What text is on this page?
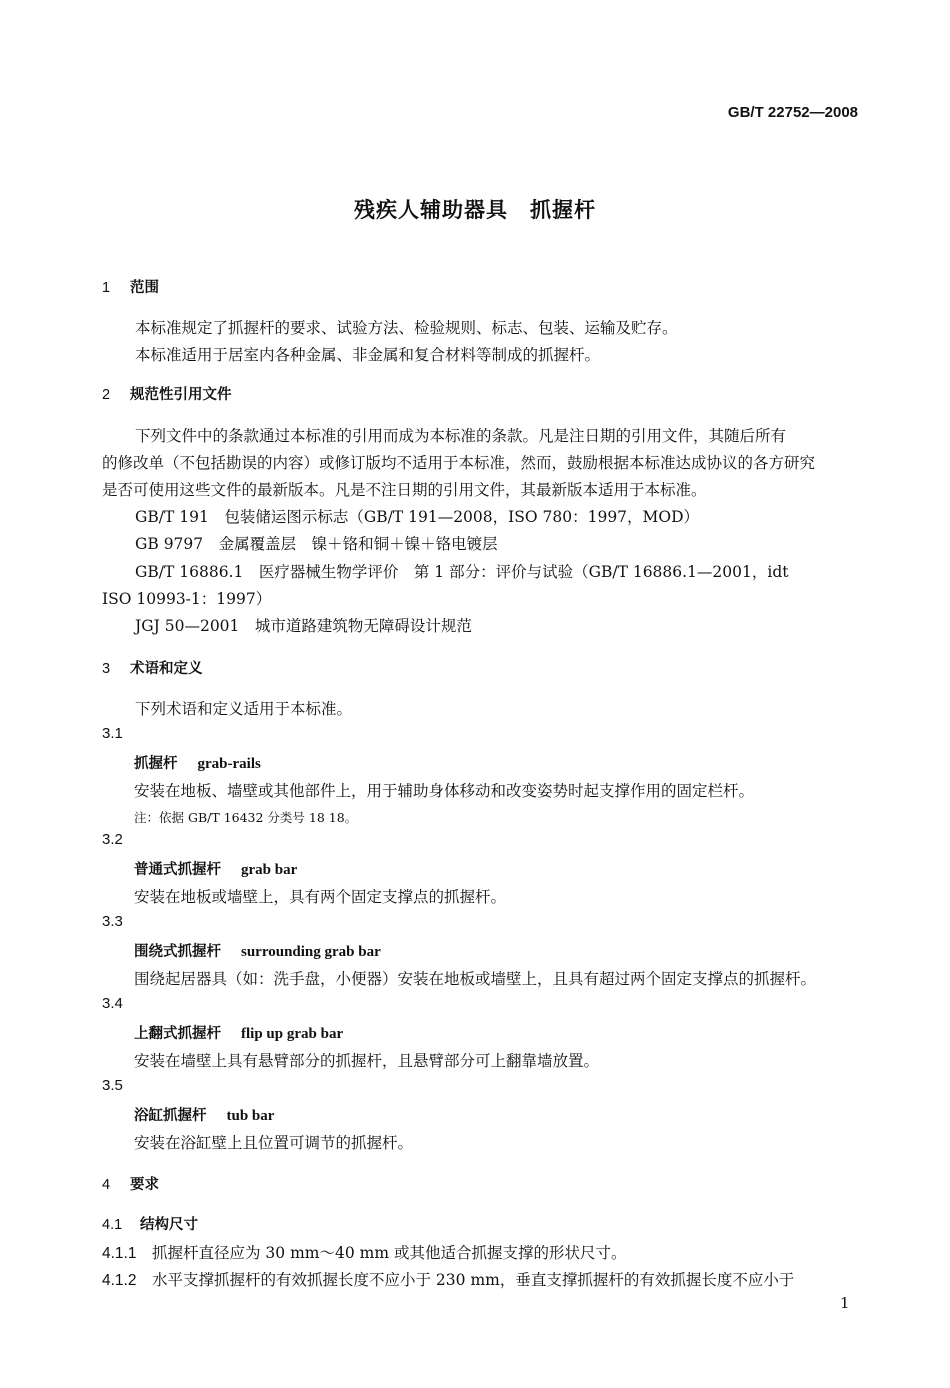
GB/T 22752—2008
残疾人辅助器具　抓握杆
1 范围
本标准规定了抓握杆的要求、试验方法、检验规则、标志、包装、运输及贮存。
本标准适用于居室内各种金属、非金属和复合材料等制成的抓握杆。
2 规范性引用文件
下列文件中的条款通过本标准的引用而成为本标准的条款。凡是注日期的引用文件，其随后所有
的修改单（不包括勘误的内容）或修订版均不适用于本标准，然而，鼓励根据本标准达成协议的各方研究
是否可使用这些文件的最新版本。凡是不注日期的引用文件，其最新版本适用于本标准。
GB/T 191　包装储运图示标志（GB/T 191—2008，ISO 780：1997，MOD）
GB 9797　金属覆盖层　镍＋铬和铜＋镍＋铬电镀层
GB/T 16886.1　医疗器械生物学评价　第 1 部分：评价与试验（GB/T 16886.1—2001，idt
ISO 10993-1：1997）
JGJ 50—2001　城市道路建筑物无障碍设计规范
3 术语和定义
下列术语和定义适用于本标准。
3.1
抓握杆 grab-rails
安装在地板、墙壁或其他部件上，用于辅助身体移动和改变姿势时起支撑作用的固定栏杆。
注：依据 GB/T 16432 分类号 18 18。
3.2
普通式抓握杆 grab bar
安装在地板或墙壁上，具有两个固定支撑点的抓握杆。
3.3
围绕式抓握杆 surrounding grab bar
围绕起居器具（如：洗手盘，小便器）安装在地板或墙壁上，且具有超过两个固定支撑点的抓握杆。
3.4
上翻式抓握杆 flip up grab bar
安装在墙壁上具有悬臂部分的抓握杆，且悬臂部分可上翻靠墙放置。
3.5
浴缸抓握杆 tub bar
安装在浴缸壁上且位置可调节的抓握杆。
4 要求
4.1 结构尺寸
4.1.1 抓握杆直径应为 30 mm～40 mm 或其他适合抓握支撑的形状尺寸。
4.1.2 水平支撑抓握杆的有效抓握长度不应小于 230 mm，垂直支撑抓握杆的有效抓握长度不应小于
1
